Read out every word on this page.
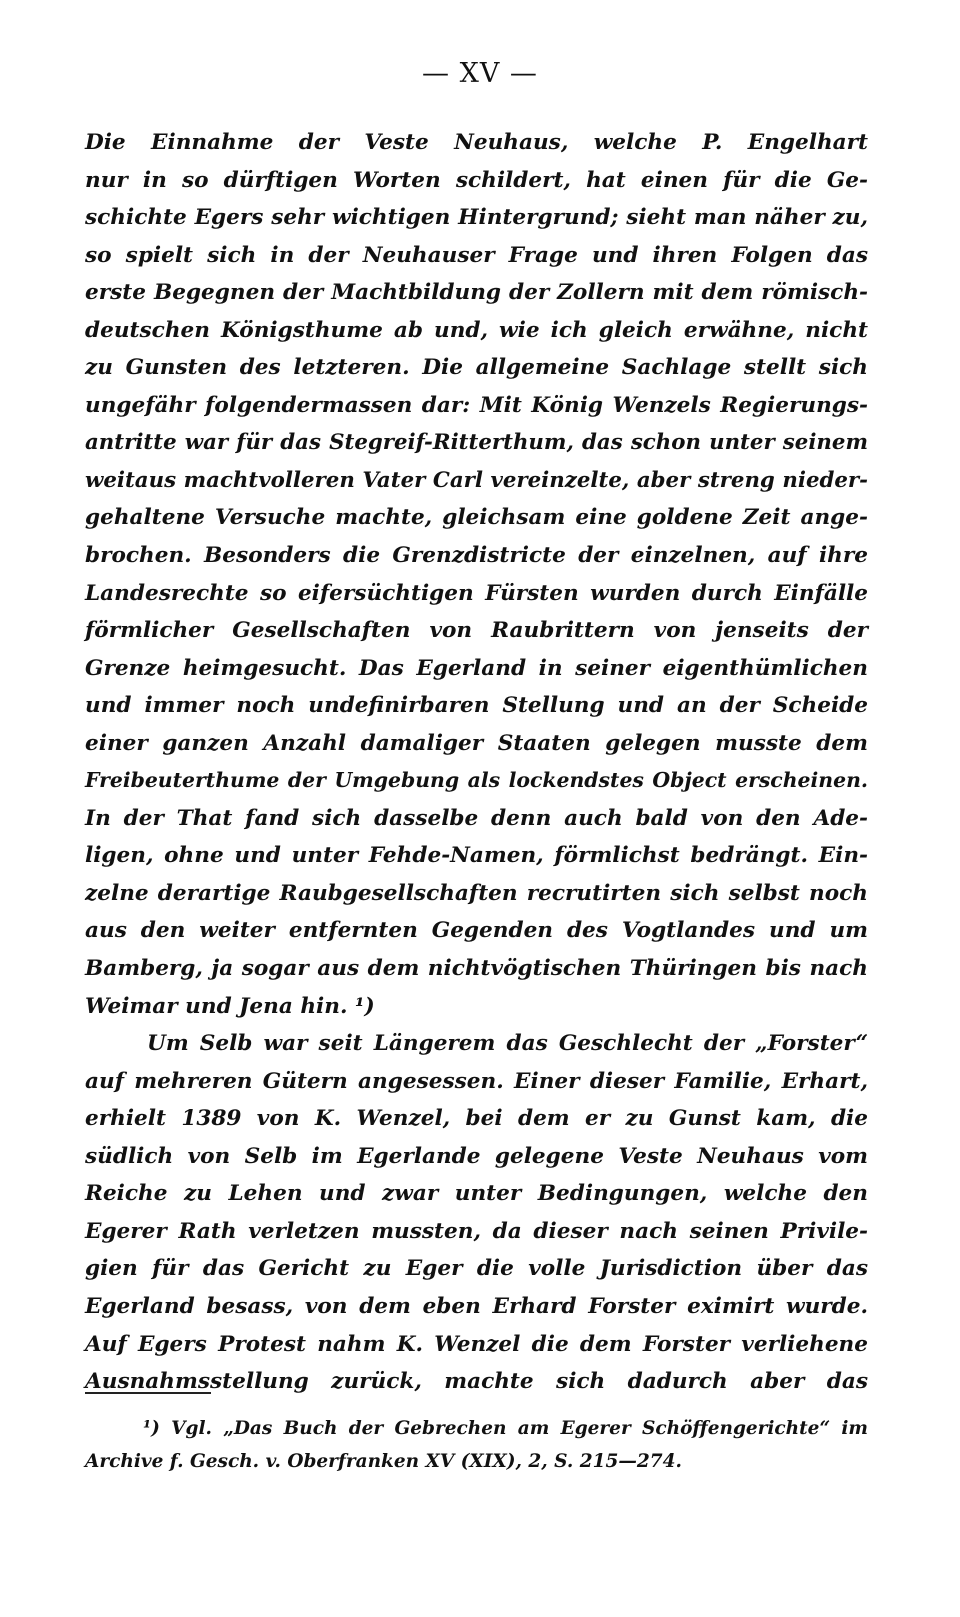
— XV —
Die Einnahme der Veste Neuhaus, welche P. Engelhart
nur in so dürftigen Worten schildert, hat einen für die Ge-
schichte Egers sehr wichtigen Hintergrund; sieht man näher zu,
so spielt sich in der Neuhauser Frage und ihren Folgen das
erste Begegnen der Machtbildung der Zollern mit dem römisch-
deutschen Königsthume ab und, wie ich gleich erwähne, nicht
zu Gunsten des letzteren. Die allgemeine Sachlage stellt sich
ungefähr folgendermassen dar: Mit König Wenzels Regierungs-
antritte war für das Stegreif-Ritterthum, das schon unter seinem
weitaus machtvolleren Vater Carl vereinzelte, aber streng nieder-
gehaltene Versuche machte, gleichsam eine goldene Zeit ange-
brochen. Besonders die Grenzdistricte der einzelnen, auf ihre
Landesrechte so eifersüchtigen Fürsten wurden durch Einfälle
förmlicher Gesellschaften von Raubrittern von jenseits der
Grenze heimgesucht. Das Egerland in seiner eigenthümlichen
und immer noch undefinirbaren Stellung und an der Scheide
einer ganzen Anzahl damaliger Staaten gelegen musste dem
Freibeuterthume der Umgebung als lockendstes Object erscheinen.
In der That fand sich dasselbe denn auch bald von den Ade-
ligen, ohne und unter Fehde-Namen, förmlichst bedrängt. Ein-
zelne derartige Raubgesellschaften recrutirten sich selbst noch
aus den weiter entfernten Gegenden des Vogtlandes und um
Bamberg, ja sogar aus dem nichtvögtischen Thüringen bis nach
Weimar und Jena hin. ¹)
Um Selb war seit Längerem das Geschlecht der „Forster“
auf mehreren Gütern angesessen. Einer dieser Familie, Erhart,
erhielt 1389 von K. Wenzel, bei dem er zu Gunst kam, die
südlich von Selb im Egerlande gelegene Veste Neuhaus vom
Reiche zu Lehen und zwar unter Bedingungen, welche den
Egerer Rath verletzen mussten, da dieser nach seinen Privile-
gien für das Gericht zu Eger die volle Jurisdiction über das
Egerland besass, von dem eben Erhard Forster eximirt wurde.
Auf Egers Protest nahm K. Wenzel die dem Forster verliehene
Ausnahmsstellung zurück, machte sich dadurch aber das
¹) Vgl. „Das Buch der Gebrechen am Egerer Schöffengerichte“ im
Archive f. Gesch. v. Oberfranken XV (XIX), 2, S. 215—274.
